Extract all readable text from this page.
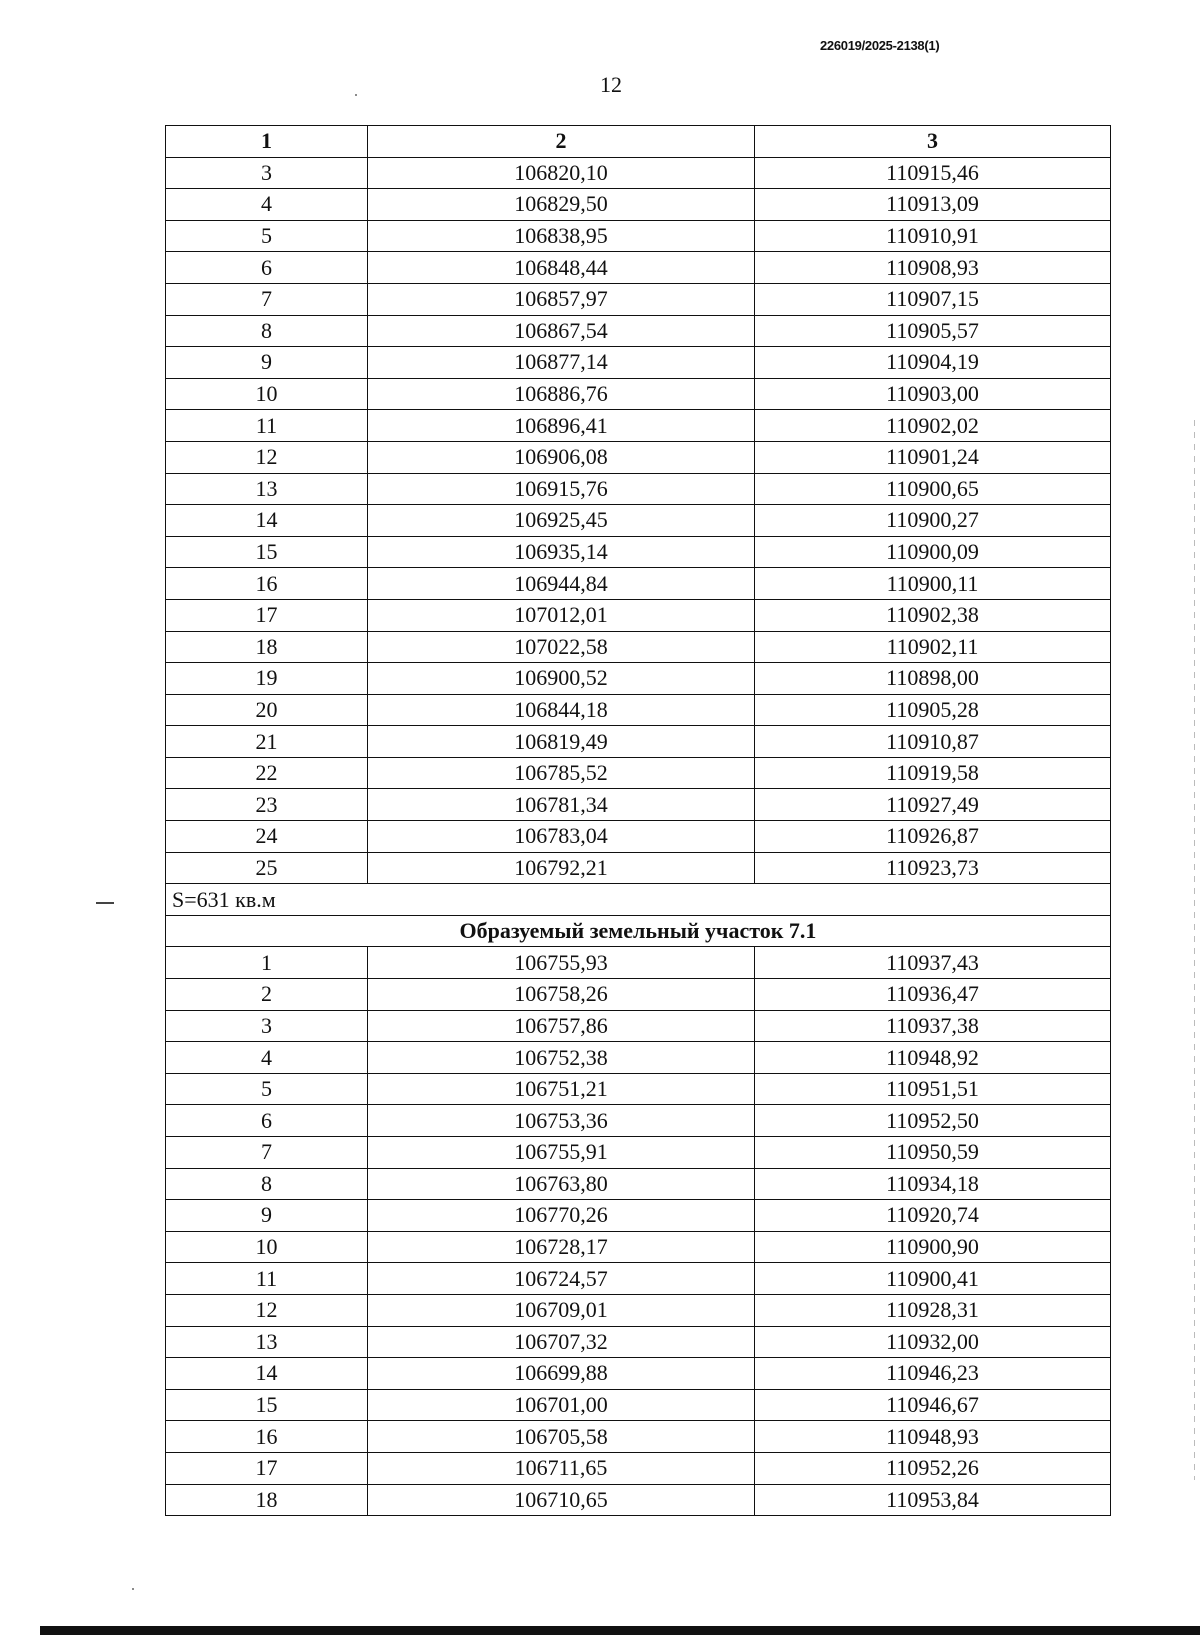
226019/2025-2138(1)
12
1	2	3
3	106820,10	110915,46
4	106829,50	110913,09
5	106838,95	110910,91
6	106848,44	110908,93
7	106857,97	110907,15
8	106867,54	110905,57
9	106877,14	110904,19
10	106886,76	110903,00
11	106896,41	110902,02
12	106906,08	110901,24
13	106915,76	110900,65
14	106925,45	110900,27
15	106935,14	110900,09
16	106944,84	110900,11
17	107012,01	110902,38
18	107022,58	110902,11
19	106900,52	110898,00
20	106844,18	110905,28
21	106819,49	110910,87
22	106785,52	110919,58
23	106781,34	110927,49
24	106783,04	110926,87
25	106792,21	110923,73
S=631 кв.м		
Образуемый земельный участок 7.1		
1	106755,93	110937,43
2	106758,26	110936,47
3	106757,86	110937,38
4	106752,38	110948,92
5	106751,21	110951,51
6	106753,36	110952,50
7	106755,91	110950,59
8	106763,80	110934,18
9	106770,26	110920,74
10	106728,17	110900,90
11	106724,57	110900,41
12	106709,01	110928,31
13	106707,32	110932,00
14	106699,88	110946,23
15	106701,00	110946,67
16	106705,58	110948,93
17	106711,65	110952,26
18	106710,65	110953,84
